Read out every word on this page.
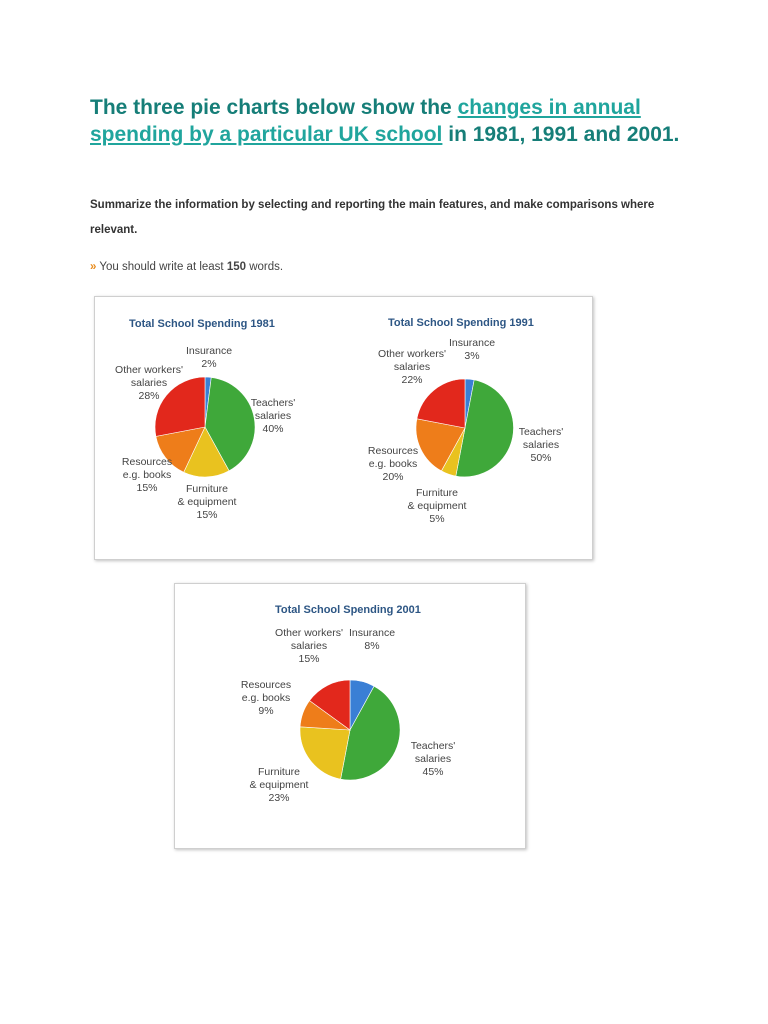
The three pie charts below show the changes in annual spending by a particular UK school in 1981, 1991 and 2001.

Summarize the information by selecting and reporting the main features, and make comparisons where relevant.

» You should write at least 150 words.
Total School Spending 1981
Insurance
2%
Other workers'
salaries
28%
Teachers'
salaries
40%
Resources
e.g. books
15%	Furniture
& equipment
15%
Total School Spending 1991
Insurance
3%
Other workers'
salaries
22%
Teachers'
salaries
50%
Resources
e.g. books
20%
Furniture
& equipment
5%
Total School Spending 2001
Other workers'
salaries
15%
Insurance
8%
Resources
e.g. books
9%
Teachers'
salaries
45%
Furniture
& equipment
23%
